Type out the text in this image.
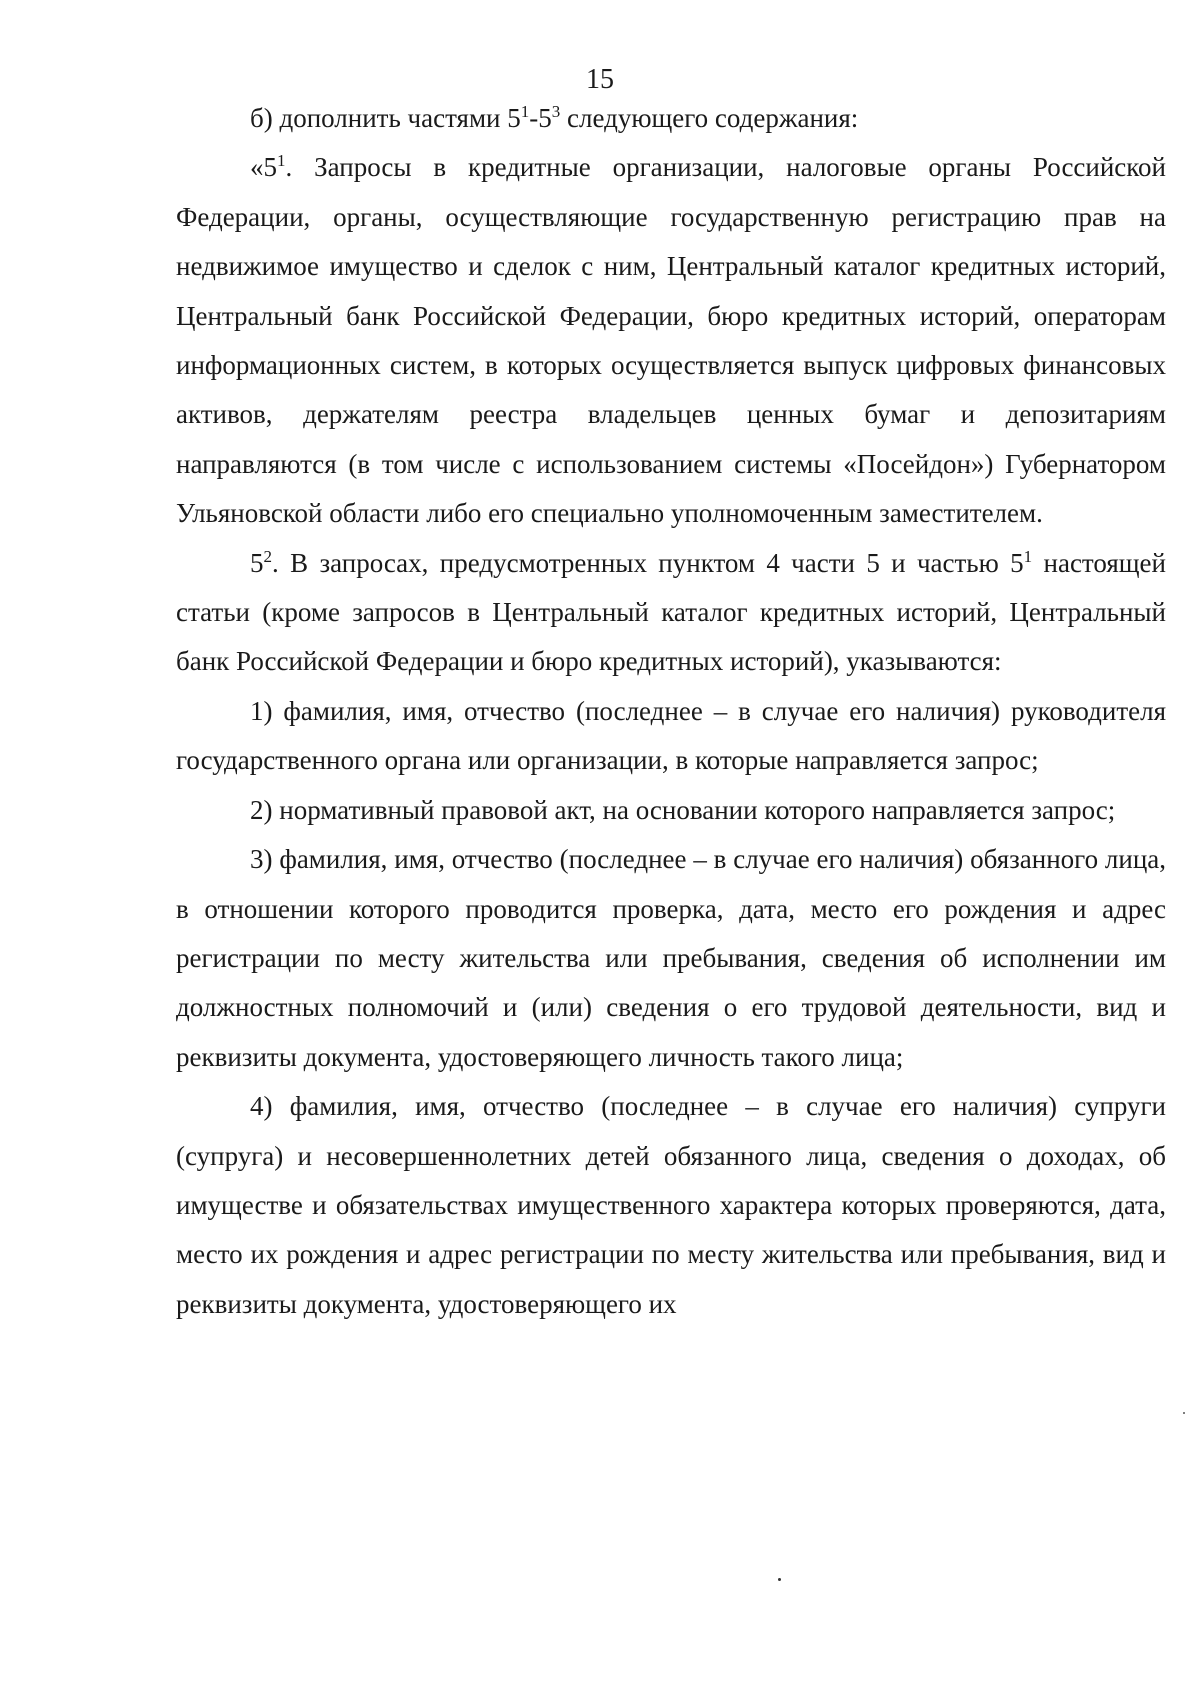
15

б) дополнить частями $5^1-5^3$ следующего содержания:

«$5^1$. Запросы в кредитные организации, налоговые органы Российской Федерации, органы, осуществляющие государственную регистрацию прав на недвижимое имущество и сделок с ним, Центральный каталог кредитных историй, Центральный банк Российской Федерации, бюро кредитных историй, операторам информационных систем, в которых осуществляется выпуск цифровых финансовых активов, держателям реестра владельцев ценных бумаг и депозитариям направляются (в том числе с использованием системы «Посейдон») Губернатором Ульяновской области либо его специально уполномоченным заместителем.

$5^2$. В запросах, предусмотренных пунктом 4 части 5 и частью $5^1$ настоящей статьи (кроме запросов в Центральный каталог кредитных историй, Центральный банк Российской Федерации и бюро кредитных историй), указываются:

1) фамилия, имя, отчество (последнее – в случае его наличия) руководителя государственного органа или организации, в которые направляется запрос;

2) нормативный правовой акт, на основании которого направляется запрос;

3) фамилия, имя, отчество (последнее – в случае его наличия) обязанного лица, в отношении которого проводится проверка, дата, место его рождения и адрес регистрации по месту жительства или пребывания, сведения об исполнении им должностных полномочий и (или) сведения о его трудовой деятельности, вид и реквизиты документа, удостоверяющего личность такого лица;

4) фамилия, имя, отчество (последнее – в случае его наличия) супруги (супруга) и несовершеннолетних детей обязанного лица, сведения о доходах, об имуществе и обязательствах имущественного характера которых проверяются, дата, место их рождения и адрес регистрации по месту жительства или пребывания, вид и реквизиты документа, удостоверяющего их
